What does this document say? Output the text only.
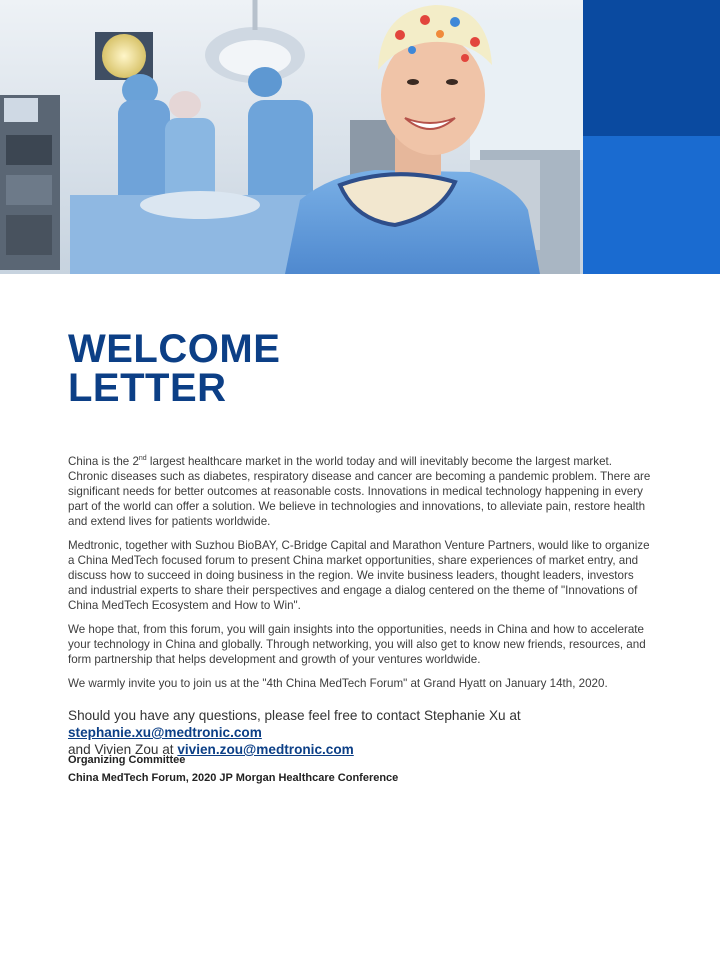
WELCOME
LETTER

China is the 2nd largest healthcare market in the world today and will inevitably become the largest market. Chronic diseases such as diabetes, respiratory disease and cancer are becoming a pandemic problem. There are significant needs for better outcomes at reasonable costs. Innovations in medical technology happening in every part of the world can offer a solution. We believe in technologies and innovations, to alleviate pain, restore health and extend lives for patients worldwide.

Medtronic, together with Suzhou BioBAY, C-Bridge Capital and Marathon Venture Partners, would like to organize a China MedTech focused forum to present China market opportunities, share experiences of market entry, and discuss how to succeed in doing business in the region. We invite business leaders, thought leaders, investors and industrial experts to share their perspectives and engage a dialog centered on the theme of "Innovations of China MedTech Ecosystem and How to Win".

We hope that, from this forum, you will gain insights into the opportunities, needs in China and how to accelerate your technology in China and globally. Through networking, you will also get to know new friends, resources, and form partnership that helps development and growth of your ventures worldwide.

We warmly invite you to join us at the "4th China MedTech Forum" at Grand Hyatt on January 14th, 2020.

Should you have any questions, please feel free to contact Stephanie Xu at stephanie.xu@medtronic.com
and Vivien Zou at vivien.zou@medtronic.com
Organizing Committee
China MedTech Forum, 2020 JP Morgan Healthcare Conference
